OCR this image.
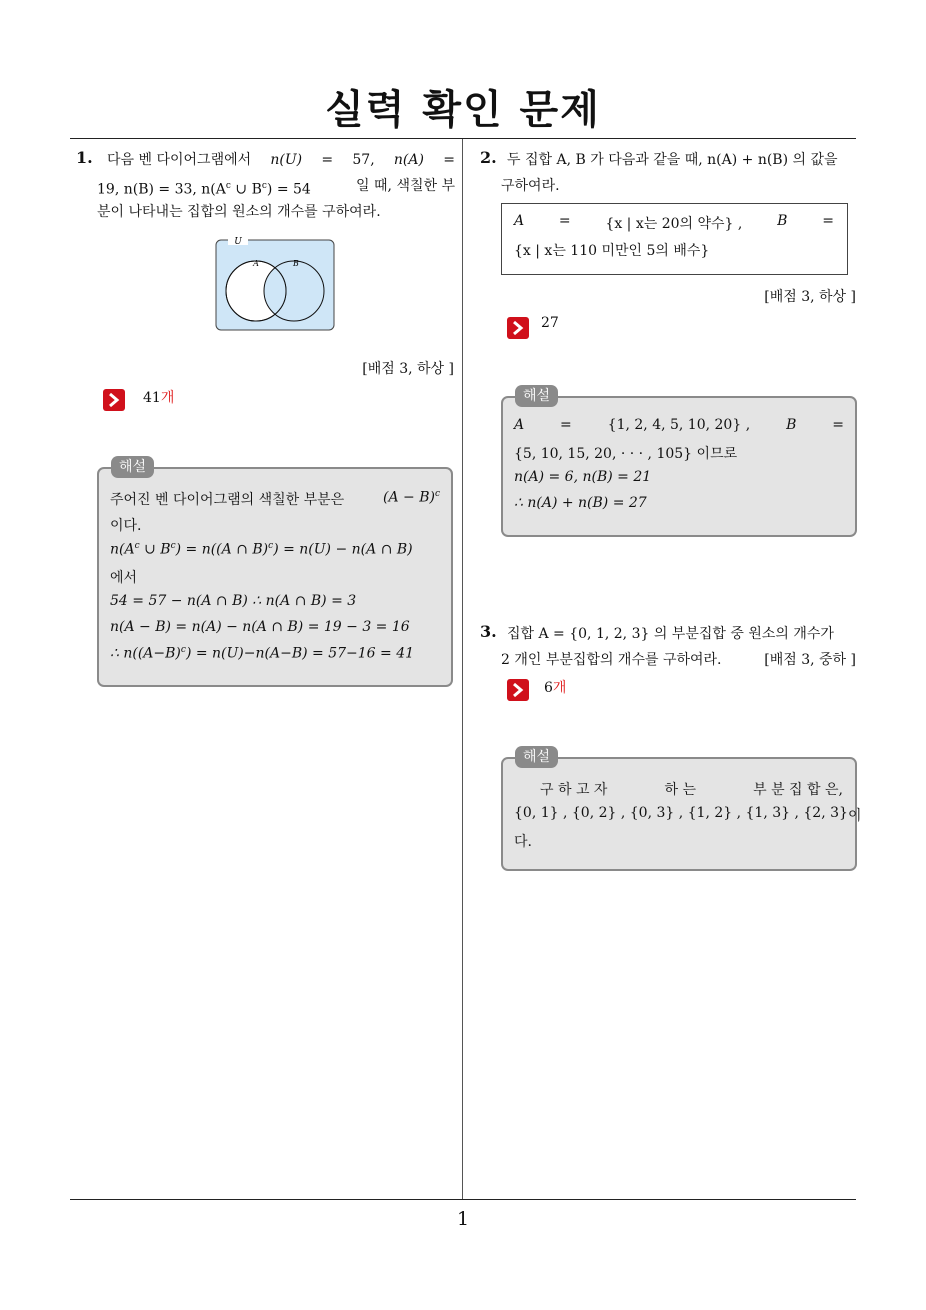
실력 확인 문제
1. 다음 벤 다이어그램에서 n(U) = 57, n(A) =
19, n(B) = 33, $n(A^c$ ∪ $B^c) = 54$	일 때, 색칠한 부
분이 나타내는 집합의 원소의 개수를 구하여라.
U
A	B
[배점 3, 하상 ]
41개
해설
주어진 벤 다이어그램의 색칠한 부분은	$(A - B)^c$
이다.
$n(A^c$ ∪ $B^c) = n((A$ ∩ B)$^c$) = n(U) − n(A ∩ B)
에서
54 = 57 − n(A ∩ B) ∴ n(A ∩ B) = 3
n(A − B) = n(A) − n(A ∩ B) = 19 − 3 = 16
∴ $n((A-B)^c) = n(U)-n(A-B) = 57-16 = 41$
2. 두 집합 A, B 가 다음과 같을 때, n(A) + n(B) 의 값을
구하여라.
A = {x | x는 20의 약수} , B =
{x | x는 110 미만인 5의 배수}
[배점 3, 하상 ]
27
해설
A	=	{1, 2, 4, 5, 10, 20} ,	B	=
{5, 10, 15, 20, · · · , 105} 이므로
n(A) = 6, n(B) = 21
∴ n(A) + n(B) = 27
3. 집합 A = {0, 1, 2, 3} 의 부분집합 중 원소의 개수가
2 개인 부분집합의 개수를 구하여라.	[배점 3, 중하 ]
6개
해설
구 하 고 자	하 는	부 분 집 합 은,
{0, 1} , {0, 2} , {0, 3} , {1, 2} , {1, 3} , {2, 3} 이
다.
1
